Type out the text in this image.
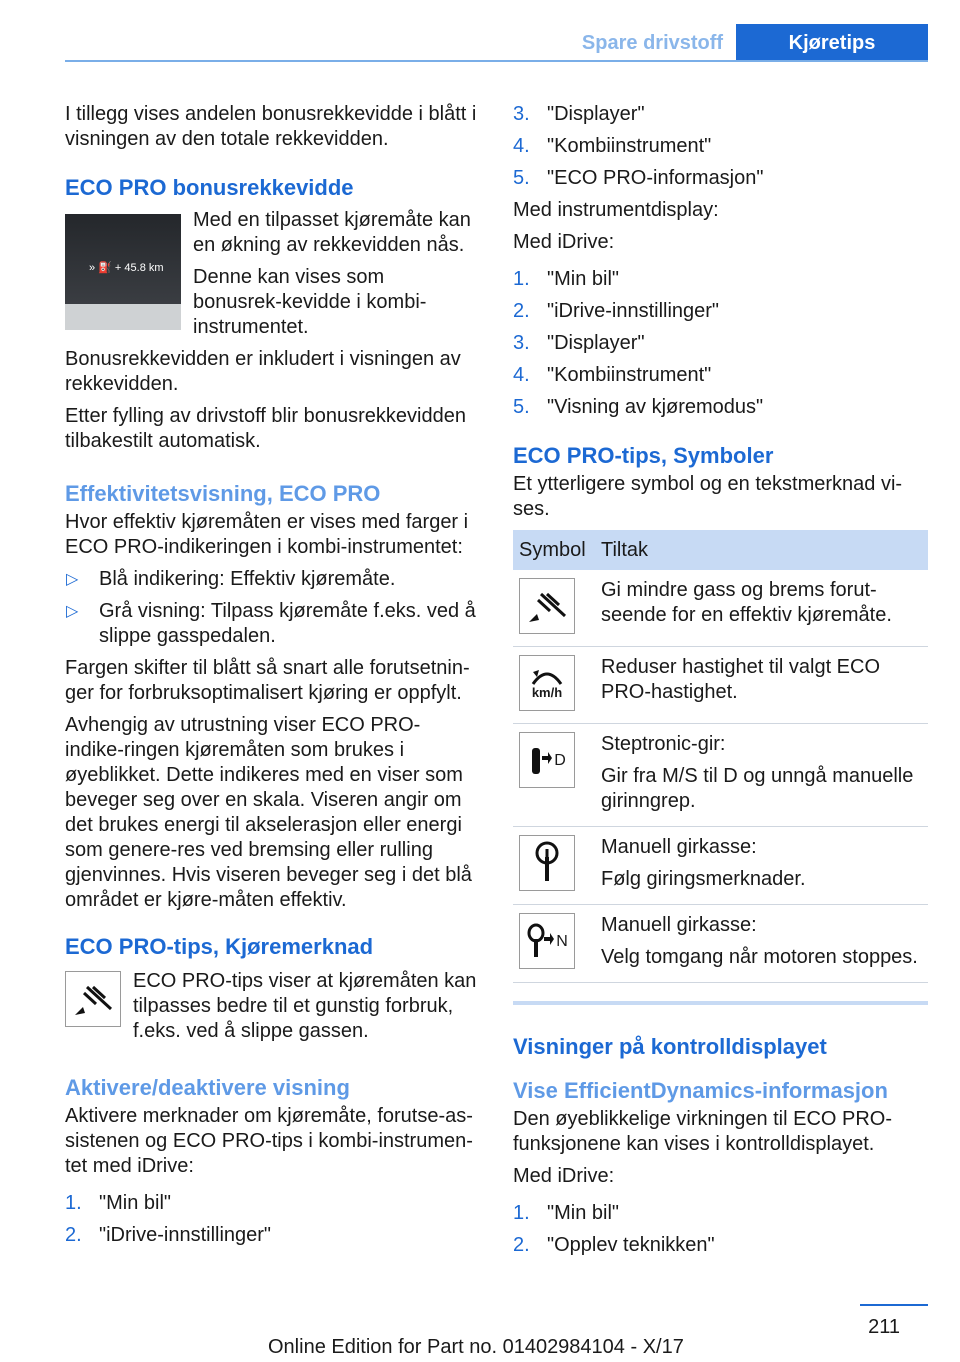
Spare drivstoff	Kjøretips

I tillegg vises andelen bonusrekkevidde i blått i visningen av den totale rekkevidden.

ECO PRO bonusrekkevidde
» ⛽ + 45.8 km

Med en tilpasset kjøremåte kan en økning av rekkevidden nås.

Denne kan vises som bonusrek‐kevidde i kombi-instrumentet.

Bonusrekkevidden er inkludert i visningen av rekkevidden.

Etter fylling av drivstoff blir bonusrekkevidden tilbakestilt automatisk.

Effektivitetsvisning, ECO PRO

Hvor effektiv kjøremåten er vises med farger i ECO PRO-indikeringen i kombi-instrumentet:

▷ Blå indikering: Effektiv kjøremåte.
▷ Grå visning: Tilpass kjøremåte f.eks. ved å slippe gasspedalen.

Fargen skifter til blått så snart alle forutsetnin‐ger for forbruksoptimalisert kjøring er oppfylt.

Avhengig av utrustning viser ECO PRO-indike‐ringen kjøremåten som brukes i øyeblikket. Dette indikeres med en viser som beveger seg over en skala. Viseren angir om det brukes energi til akselerasjon eller energi som genere‐res ved bremsing eller rulling gjenvinnes. Hvis viseren beveger seg i det blå området er kjøre‐måten effektiv.

ECO PRO-tips, Kjøremerknad

ECO PRO-tips viser at kjøremåten kan tilpasses bedre til et gunstig forbruk, f.eks. ved å slippe gassen.

Aktivere/deaktivere visning

Aktivere merknader om kjøremåte, forutse-as‐sistenen og ECO PRO-tips i kombi-instrumen‐tet med iDrive:

1. "Min bil"
2. "iDrive-innstillinger"
3. "Displayer"
4. "Kombiinstrument"
5. "ECO PRO-informasjon"

Med instrumentdisplay:

Med iDrive:

1. "Min bil"
2. "iDrive-innstillinger"
3. "Displayer"
4. "Kombiinstrument"
5. "Visning av kjøremodus"
ECO PRO-tips, Symboler

Et ytterligere symbol og en tekstmerknad vi‐ses.

Symbol	Tiltak

Gi mindre gass og brems forut‐seende for en effektiv kjøremåte.

km/h	Reduser hastighet til valgt ECO PRO-hastighet.

D	Steptronic-gir:

Gir fra M/S til D og unngå manuelle girinngrep.

Manuell girkasse:

Følg giringsmerknader.

N	Manuell girkasse:

Velg tomgang når motoren stoppes.

Visninger på kontrolldisplayet
Vise EfficientDynamics-informasjon

Den øyeblikkelige virkningen til ECO PRO-funksjonene kan vises i kontrolldisplayet.

Med iDrive:

1. "Min bil"
2. "Opplev teknikken"
211
Online Edition for Part no. 01402984104 - X/17
